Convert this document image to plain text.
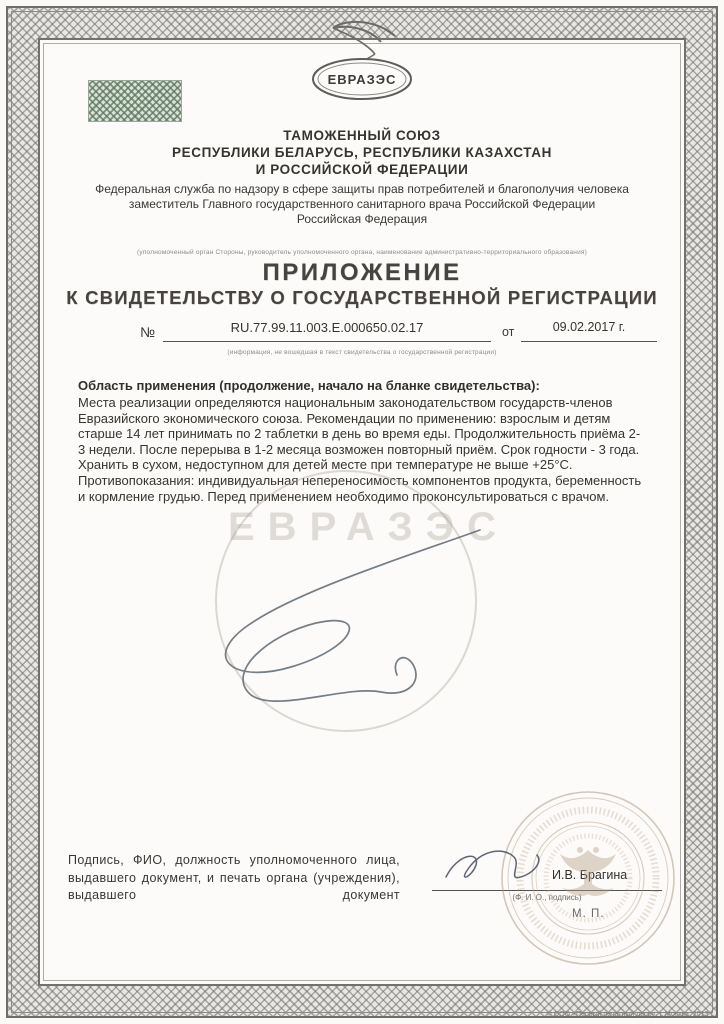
ЕВРАЗЭС
ТАМОЖЕННЫЙ СОЮЗ
РЕСПУБЛИКИ БЕЛАРУСЬ, РЕСПУБЛИКИ КАЗАХСТАН
И РОССИЙСКОЙ ФЕДЕРАЦИИ
Федеральная служба по надзору в сфере защиты прав потребителей и благополучия человека
заместитель Главного государственного санитарного врача Российской Федерации
Российская Федерация
(уполномоченный орган Стороны, руководитель уполномоченного органа, наименование административно-территориального образования)
ПРИЛОЖЕНИЕ
К СВИДЕТЕЛЬСТВУ О ГОСУДАРСТВЕННОЙ РЕГИСТРАЦИИ
№	RU.77.99.11.003.Е.000650.02.17	от	09.02.2017 г.
(информация, не вошедшая в текст свидетельства о государственной регистрации)
Область применения (продолжение, начало на бланке свидетельства):
Места реализации определяются национальным законодательством государств-членов Евразийского экономического союза. Рекомендации по применению: взрослым и детям старше 14 лет принимать по 2 таблетки в день во время еды. Продолжительность приёма 2-3 недели. После перерыва в 1-2 месяца возможен повторный приём. Срок годности - 3 года. Хранить в сухом, недоступном для детей месте при температуре не выше +25°С. Противопоказания: индивидуальная непереносимость компонентов продукта, беременность и кормление грудью. Перед применением необходимо проконсультироваться с врачом.
ЕВРАЗЭС
Подпись, ФИО, должность уполномоченного лица, выдавшего документ, и печать органа (учреждения), выдавшего документ
И.В. Брагина
(Ф. И. О., подпись)
М. П.
© ООО «Первый печатный двор», г. Москва, 2013 г.
